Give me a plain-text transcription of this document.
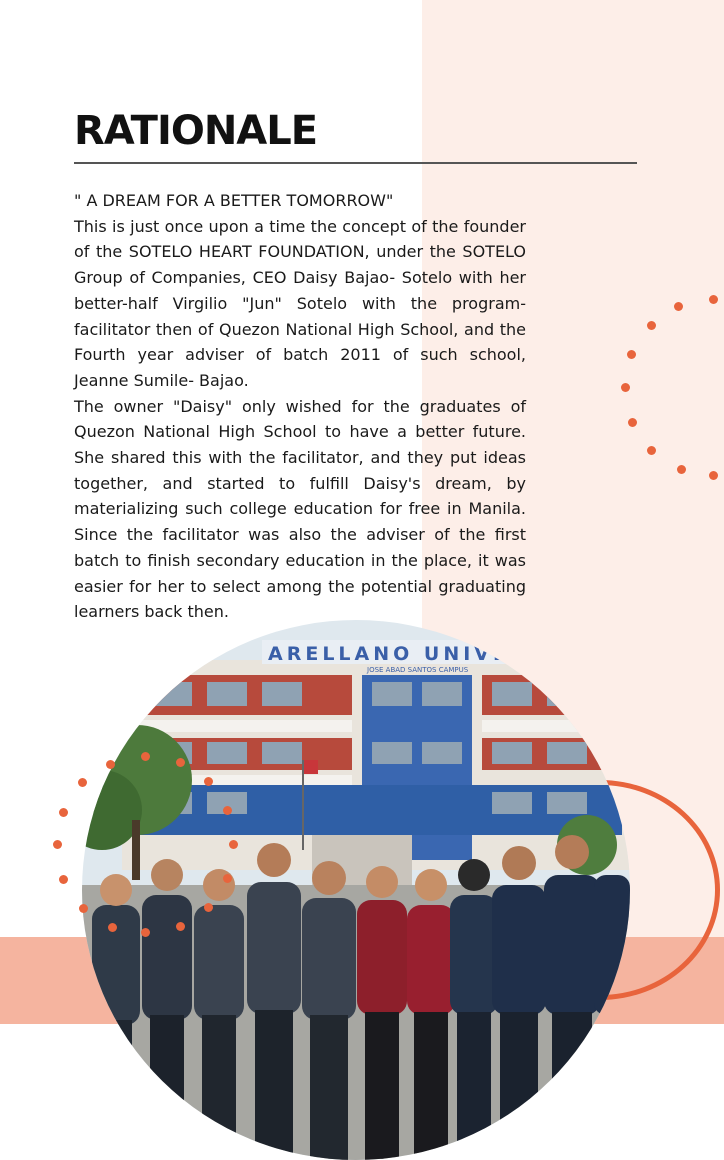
RATIONALE

" A DREAM FOR A BETTER TOMORROW"

This is just once upon a time the concept of the founder of the SOTELO HEART FOUNDATION, under the SOTELO Group of Companies, CEO Daisy Bajao- Sotelo with her better-half Virgilio "Jun" Sotelo with the program-facilitator then of Quezon National High School, and the Fourth year adviser of batch 2011 of such school, Jeanne Sumile- Bajao.

The owner "Daisy" only wished for the graduates of Quezon National High School to have a better future. She shared this with the facilitator, and they put ideas together, and started to fulfill Daisy's dream, by materializing such college education for free in Manila. Since the facilitator was also the adviser of the first batch to finish secondary education in the place, it was easier for her to select among the potential graduating learners back then.

ARELLANO UNIVE
JOSE ABAD SANTOS CAMPUS
